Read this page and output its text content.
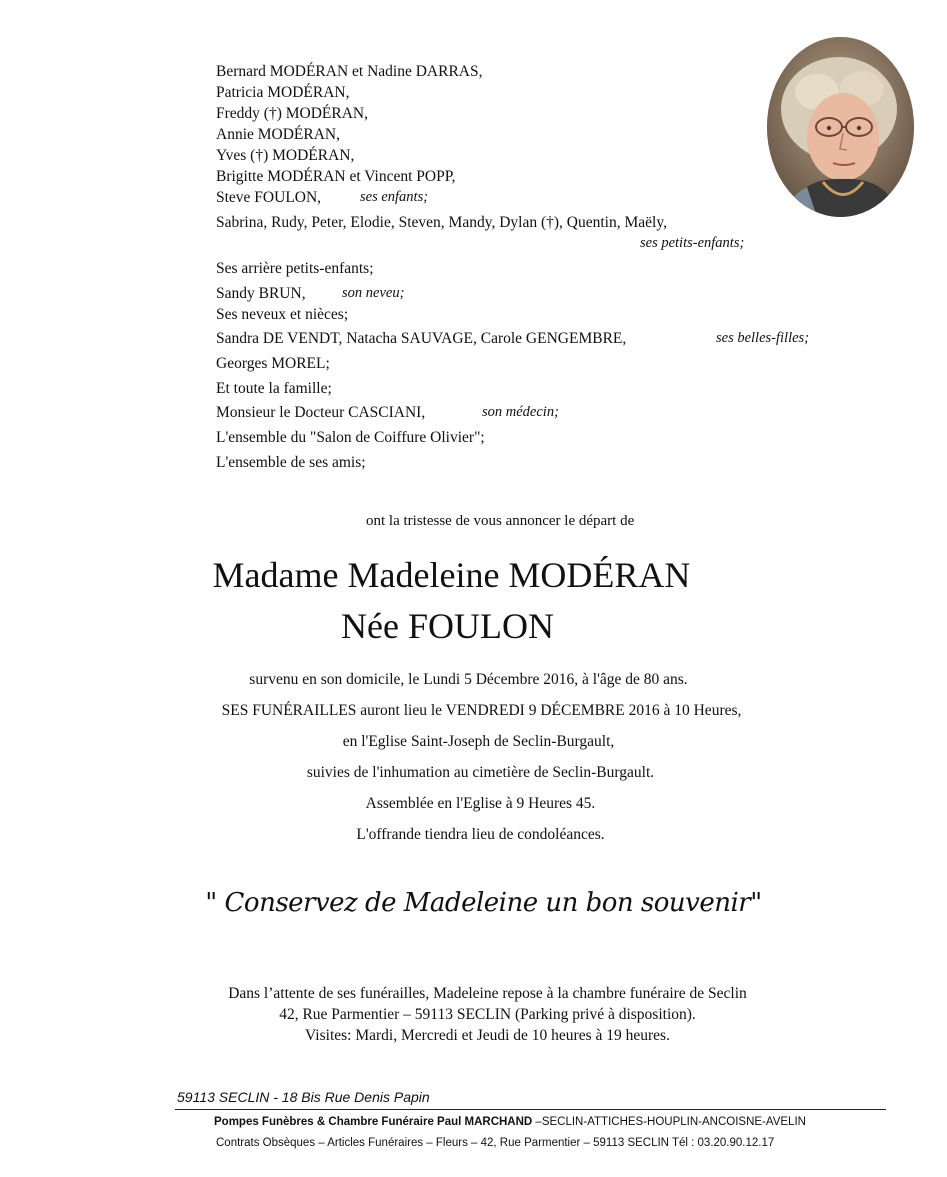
Bernard MODÉRAN et Nadine DARRAS,
Patricia MODÉRAN,
Freddy (†) MODÉRAN,
Annie MODÉRAN,
Yves (†) MODÉRAN,
Brigitte MODÉRAN et Vincent POPP,
Steve FOULON,	ses enfants;
Sabrina, Rudy, Peter, Elodie, Steven, Mandy, Dylan (†), Quentin, Maëly,
ses petits-enfants;
Ses arrière petits-enfants;
Sandy BRUN,	son neveu;
Ses neveux et nièces;
Sandra DE VENDT, Natacha SAUVAGE, Carole GENGEMBRE,	ses belles-filles;
Georges MOREL;
Et toute la famille;
Monsieur le Docteur CASCIANI,	son médecin;
L'ensemble du "Salon de Coiffure Olivier";
L'ensemble de ses amis;
ont la tristesse de vous annoncer le départ de
Madame Madeleine MODÉRAN
Née FOULON
survenu en son domicile, le Lundi 5 Décembre 2016, à l'âge de 80 ans.
SES FUNÉRAILLES auront lieu le VENDREDI 9 DÉCEMBRE 2016 à 10 Heures,
en l'Eglise Saint-Joseph de Seclin-Burgault,
suivies de l'inhumation au cimetière de Seclin-Burgault.
Assemblée en l'Eglise à 9 Heures 45.
L'offrande tiendra lieu de condoléances.
" Conservez de Madeleine un bon souvenir"
Dans l’attente de ses funérailles, Madeleine repose à la chambre funéraire de Seclin
42, Rue Parmentier – 59113 SECLIN (Parking privé à disposition).
Visites: Mardi, Mercredi et Jeudi de 10 heures à 19 heures.
59113 SECLIN - 18 Bis Rue Denis Papin
Pompes Funèbres & Chambre Funéraire Paul MARCHAND –SECLIN-ATTICHES-HOUPLIN-ANCOISNE-AVELIN
Contrats Obsèques – Articles Funéraires – Fleurs – 42, Rue Parmentier – 59113 SECLIN Tél : 03.20.90.12.17
